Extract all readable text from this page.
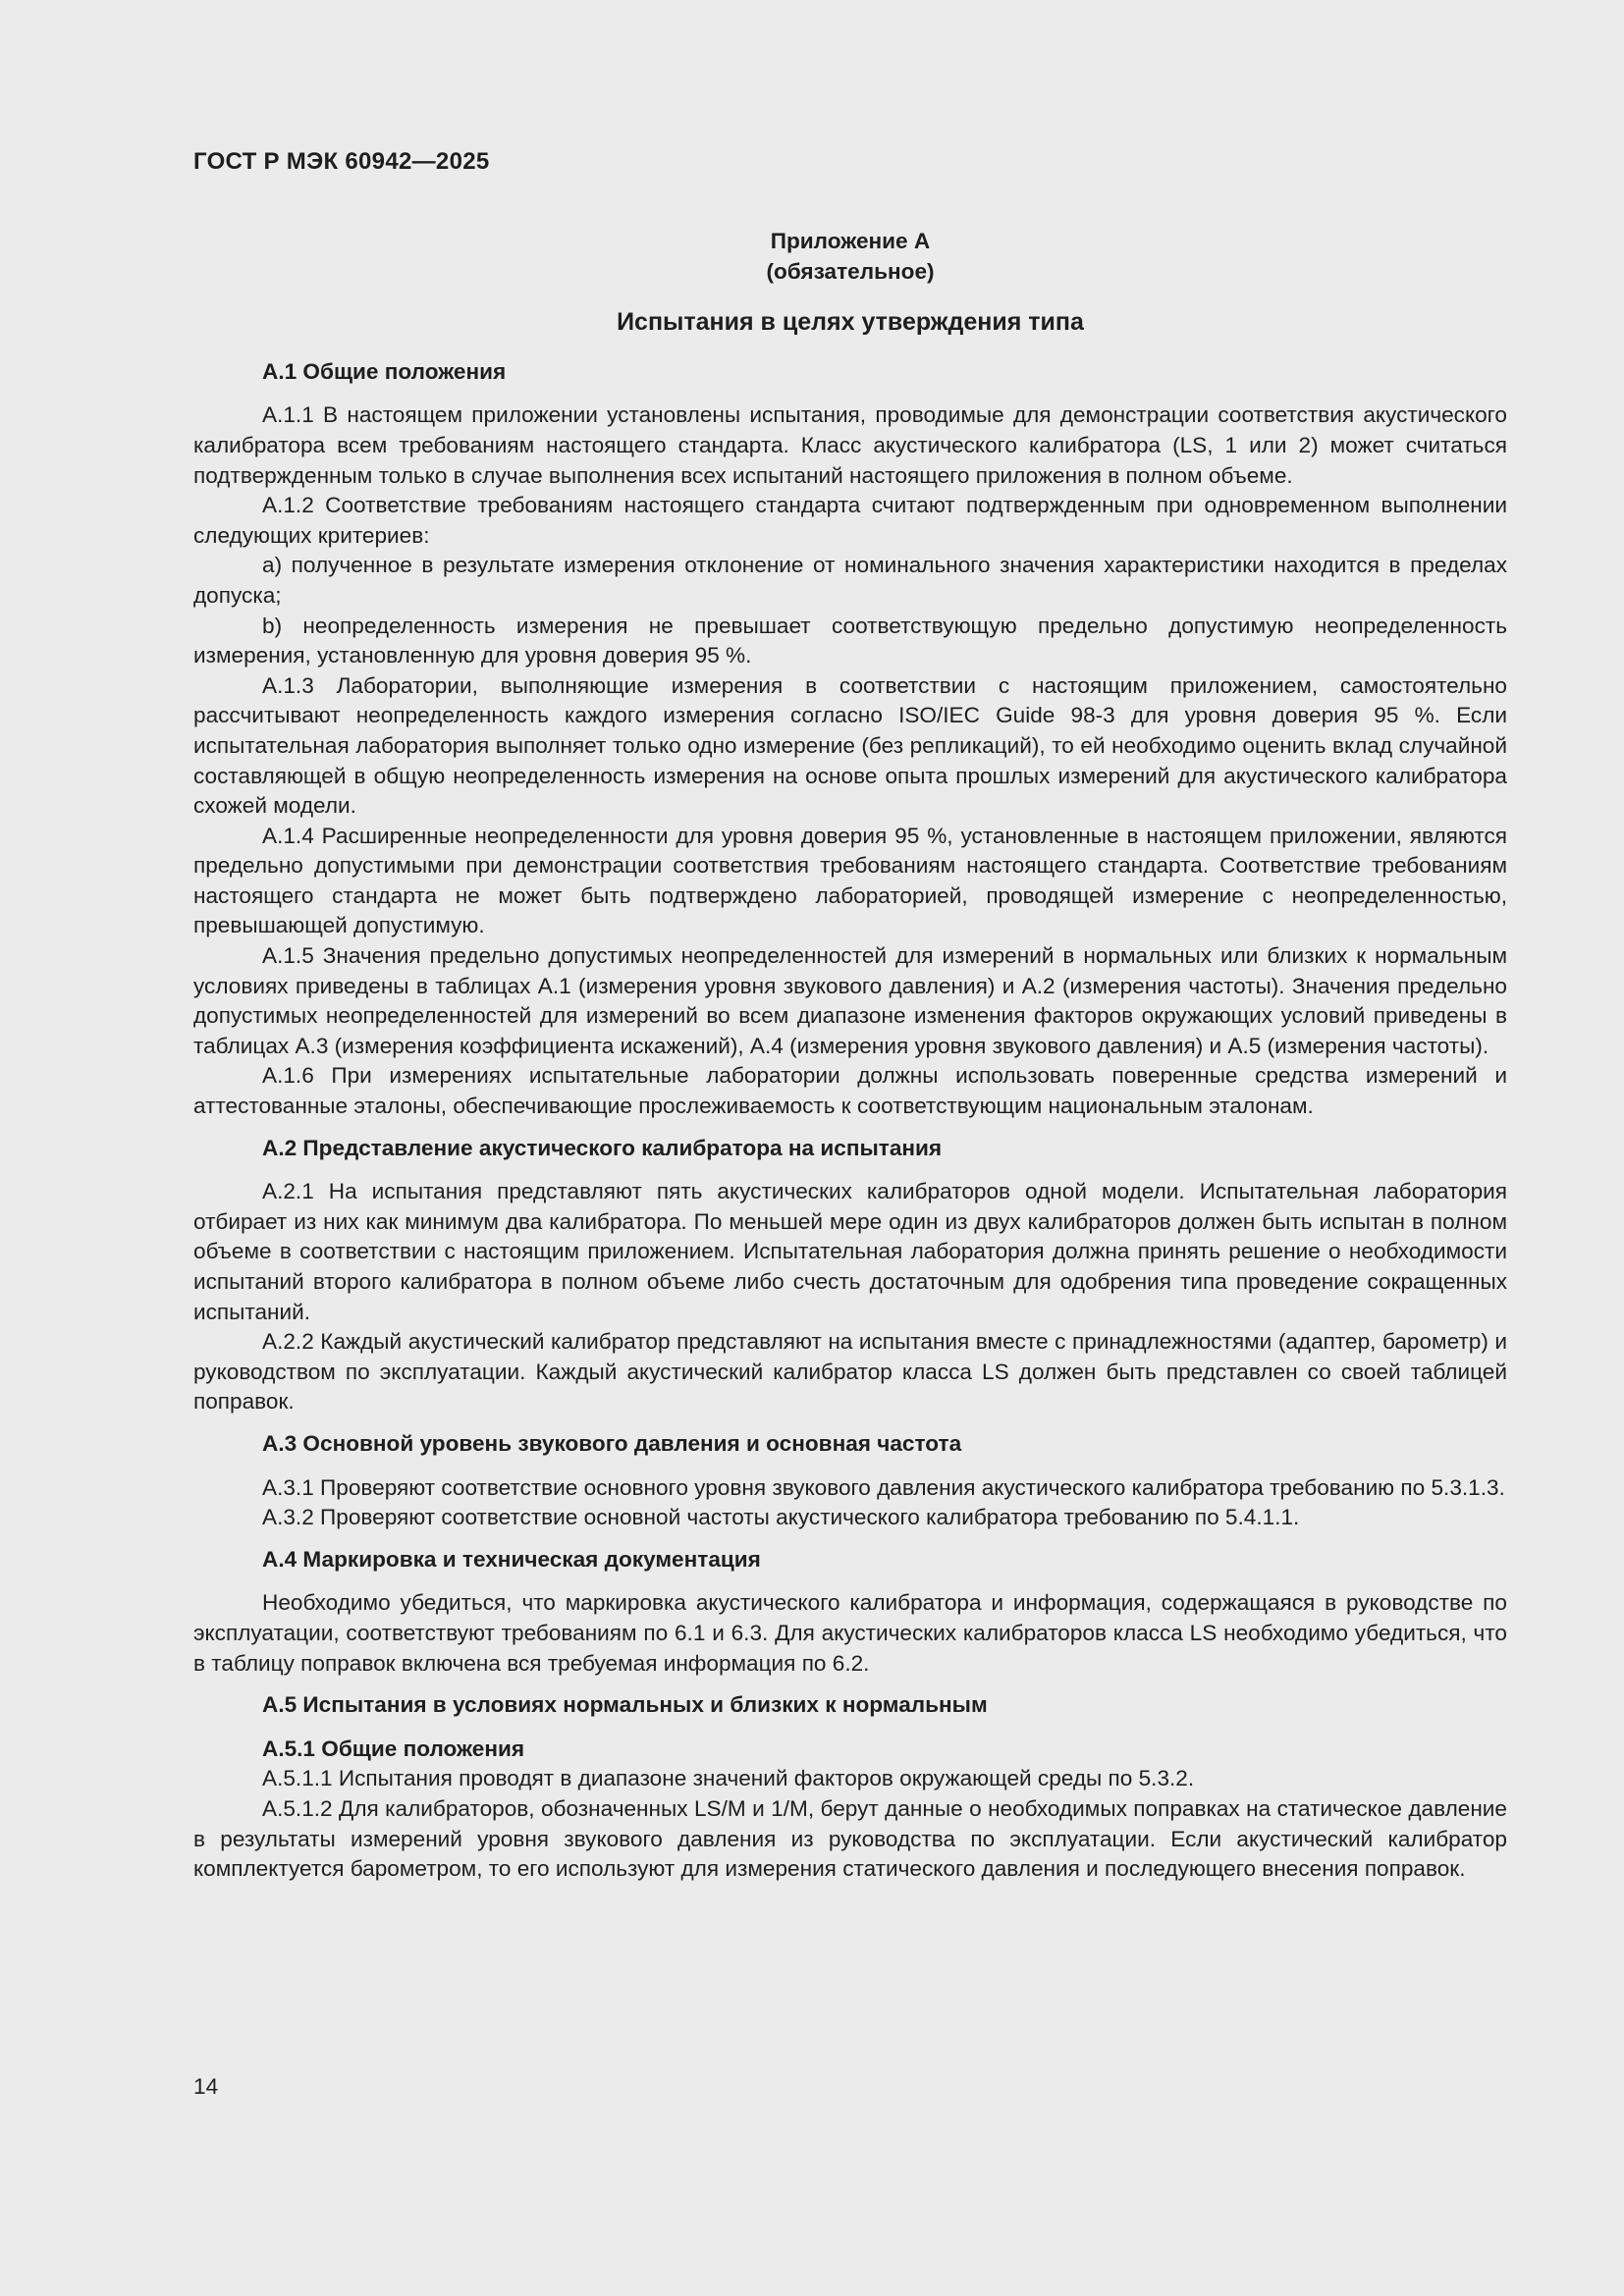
ГОСТ Р МЭК 60942—2025

Приложение А

(обязательное)

Испытания в целях утверждения типа

А.1 Общие положения

А.1.1 В настоящем приложении установлены испытания, проводимые для демонстрации соответствия акустического калибратора всем требованиям настоящего стандарта. Класс акустического калибратора (LS, 1 или 2) может считаться подтвержденным только в случае выполнения всех испытаний настоящего приложения в полном объеме.

А.1.2 Соответствие требованиям настоящего стандарта считают подтвержденным при одновременном выполнении следующих критериев:

a) полученное в результате измерения отклонение от номинального значения характеристики находится в пределах допуска;

b) неопределенность измерения не превышает соответствующую предельно допустимую неопределенность измерения, установленную для уровня доверия 95 %.

А.1.3 Лаборатории, выполняющие измерения в соответствии с настоящим приложением, самостоятельно рассчитывают неопределенность каждого измерения согласно ISO/IEC Guide 98-3 для уровня доверия 95 %. Если испытательная лаборатория выполняет только одно измерение (без репликаций), то ей необходимо оценить вклад случайной составляющей в общую неопределенность измерения на основе опыта прошлых измерений для акустического калибратора схожей модели.

А.1.4 Расширенные неопределенности для уровня доверия 95 %, установленные в настоящем приложении, являются предельно допустимыми при демонстрации соответствия требованиям настоящего стандарта. Соответствие требованиям настоящего стандарта не может быть подтверждено лабораторией, проводящей измерение с неопределенностью, превышающей допустимую.

А.1.5 Значения предельно допустимых неопределенностей для измерений в нормальных или близких к нормальным условиях приведены в таблицах А.1 (измерения уровня звукового давления) и А.2 (измерения частоты). Значения предельно допустимых неопределенностей для измерений во всем диапазоне изменения факторов окружающих условий приведены в таблицах А.3 (измерения коэффициента искажений), А.4 (измерения уровня звукового давления) и А.5 (измерения частоты).

А.1.6 При измерениях испытательные лаборатории должны использовать поверенные средства измерений и аттестованные эталоны, обеспечивающие прослеживаемость к соответствующим национальным эталонам.

А.2 Представление акустического калибратора на испытания

А.2.1 На испытания представляют пять акустических калибраторов одной модели. Испытательная лаборатория отбирает из них как минимум два калибратора. По меньшей мере один из двух калибраторов должен быть испытан в полном объеме в соответствии с настоящим приложением. Испытательная лаборатория должна принять решение о необходимости испытаний второго калибратора в полном объеме либо счесть достаточным для одобрения типа проведение сокращенных испытаний.

А.2.2 Каждый акустический калибратор представляют на испытания вместе с принадлежностями (адаптер, барометр) и руководством по эксплуатации. Каждый акустический калибратор класса LS должен быть представлен со своей таблицей поправок.

А.3 Основной уровень звукового давления и основная частота

А.3.1 Проверяют соответствие основного уровня звукового давления акустического калибратора требованию по 5.3.1.3.

А.3.2 Проверяют соответствие основной частоты акустического калибратора требованию по 5.4.1.1.

А.4 Маркировка и техническая документация

Необходимо убедиться, что маркировка акустического калибратора и информация, содержащаяся в руководстве по эксплуатации, соответствуют требованиям по 6.1 и 6.3. Для акустических калибраторов класса LS необходимо убедиться, что в таблицу поправок включена вся требуемая информация по 6.2.

А.5 Испытания в условиях нормальных и близких к нормальным

А.5.1 Общие положения

А.5.1.1 Испытания проводят в диапазоне значений факторов окружающей среды по 5.3.2.

А.5.1.2 Для калибраторов, обозначенных LS/M и 1/M, берут данные о необходимых поправках на статическое давление в результаты измерений уровня звукового давления из руководства по эксплуатации. Если акустический калибратор комплектуется барометром, то его используют для измерения статического давления и последующего внесения поправок.

14
